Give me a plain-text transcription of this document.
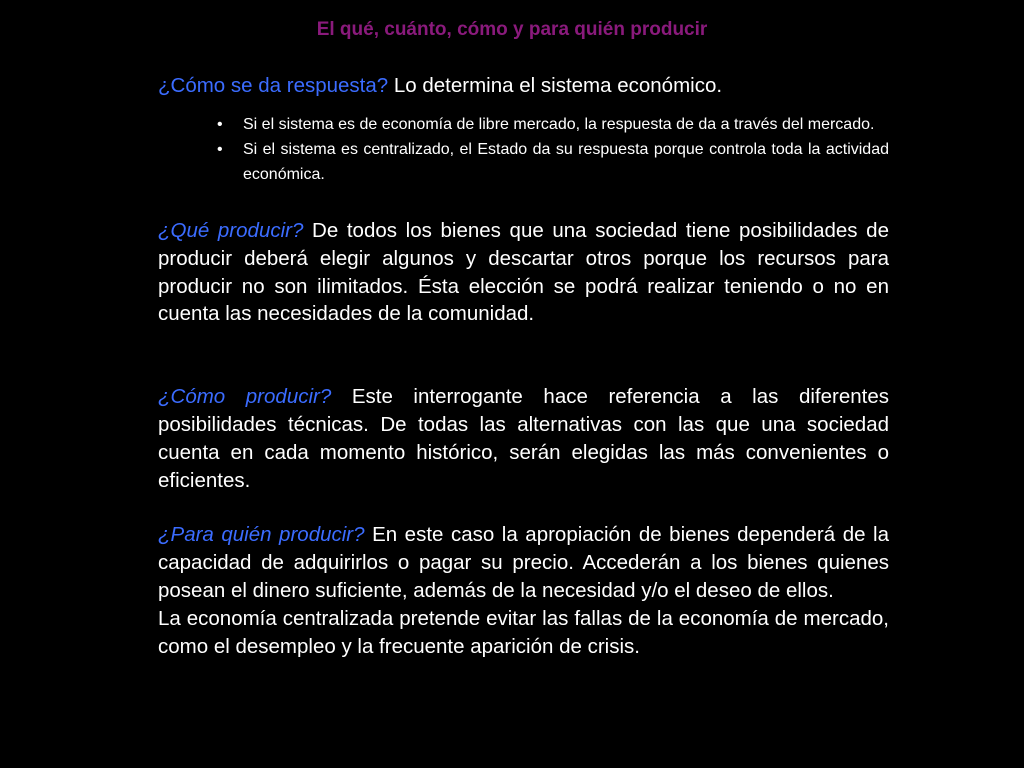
El qué, cuánto, cómo y para quién producir

¿Cómo se da respuesta? Lo determina el sistema económico.

• Si el sistema es de economía de libre mercado, la respuesta de da a través del mercado.
• Si el sistema es centralizado, el Estado da su respuesta porque controla toda la actividad económica.

¿Qué producir? De todos los bienes que una sociedad tiene posibilidades de producir deberá elegir algunos y descartar otros porque los recursos para producir no son ilimitados. Ésta elección se podrá realizar teniendo o no en cuenta las necesidades de la comunidad.

¿Cómo producir? Este interrogante hace referencia a las diferentes posibilidades técnicas. De todas las alternativas con las que una sociedad cuenta en cada momento histórico, serán elegidas las más convenientes o eficientes.

¿Para quién producir? En este caso la apropiación de bienes dependerá de la capacidad de adquirirlos o pagar su precio. Accederán a los bienes quienes posean el dinero suficiente, además de la necesidad y/o el deseo de ellos.

La economía centralizada pretende evitar las fallas de la economía de mercado, como el desempleo y la frecuente aparición de crisis.
